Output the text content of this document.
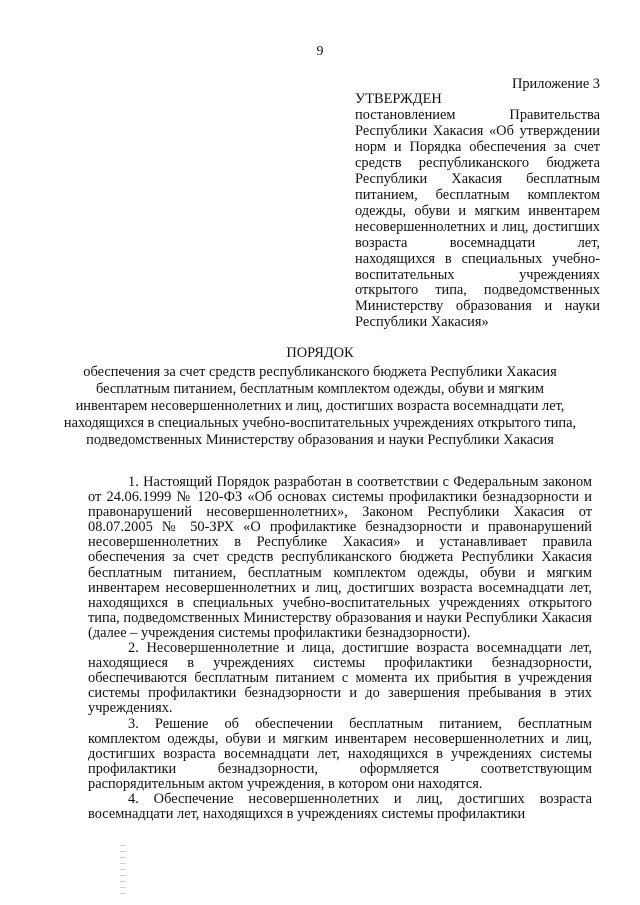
9
Приложение 3

УТВЕРЖДЕН

постановлением Правительства Республики Хакасия «Об утверждении норм и Порядка обеспечения за счет средств республиканского бюджета Республики Хакасия бесплатным питанием, бесплатным комплектом одежды, обуви и мягким инвентарем несовершеннолетних и лиц, достигших возраста восемнадцати лет, находящихся в специальных учебно-воспитательных учреждениях открытого типа, подведомственных Министерству образования и науки Республики Хакасия»

ПОРЯДОК

обеспечения за счет средств республиканского бюджета Республики Хакасия бесплатным питанием, бесплатным комплектом одежды, обуви и мягким инвентарем несовершеннолетних и лиц, достигших возраста восемнадцати лет, находящихся в специальных учебно-воспитательных учреждениях открытого типа, подведомственных Министерству образования и науки Республики Хакасия

1. Настоящий Порядок разработан в соответствии с Федеральным законом от 24.06.1999 № 120-ФЗ «Об основах системы профилактики безнадзорности и правонарушений несовершеннолетних», Законом Республики Хакасия от 08.07.2005 № 50-ЗРХ «О профилактике безнадзорности и правонарушений несовершеннолетних в Республике Хакасия» и устанавливает правила обеспечения за счет средств республиканского бюджета Республики Хакасия бесплатным питанием, бесплатным комплектом одежды, обуви и мягким инвентарем несовершеннолетних и лиц, достигших возраста восемнадцати лет, находящихся в специальных учебно-воспитательных учреждениях открытого типа, подведомственных Министерству образования и науки Республики Хакасия (далее – учреждения системы профилактики безнадзорности).

2. Несовершеннолетние и лица, достигшие возраста восемнадцати лет, находящиеся в учреждениях системы профилактики безнадзорности, обеспечиваются бесплатным питанием с момента их прибытия в учреждения системы профилактики безнадзорности и до завершения пребывания в этих учреждениях.

3. Решение об обеспечении бесплатным питанием, бесплатным комплектом одежды, обуви и мягким инвентарем несовершеннолетних и лиц, достигших возраста восемнадцати лет, находящихся в учреждениях системы профилактики безнадзорности, оформляется соответствующим распорядительным актом учреждения, в котором они находятся.

4. Обеспечение несовершеннолетних и лиц, достигших возраста восемнадцати лет, находящихся в учреждениях системы профилактики
